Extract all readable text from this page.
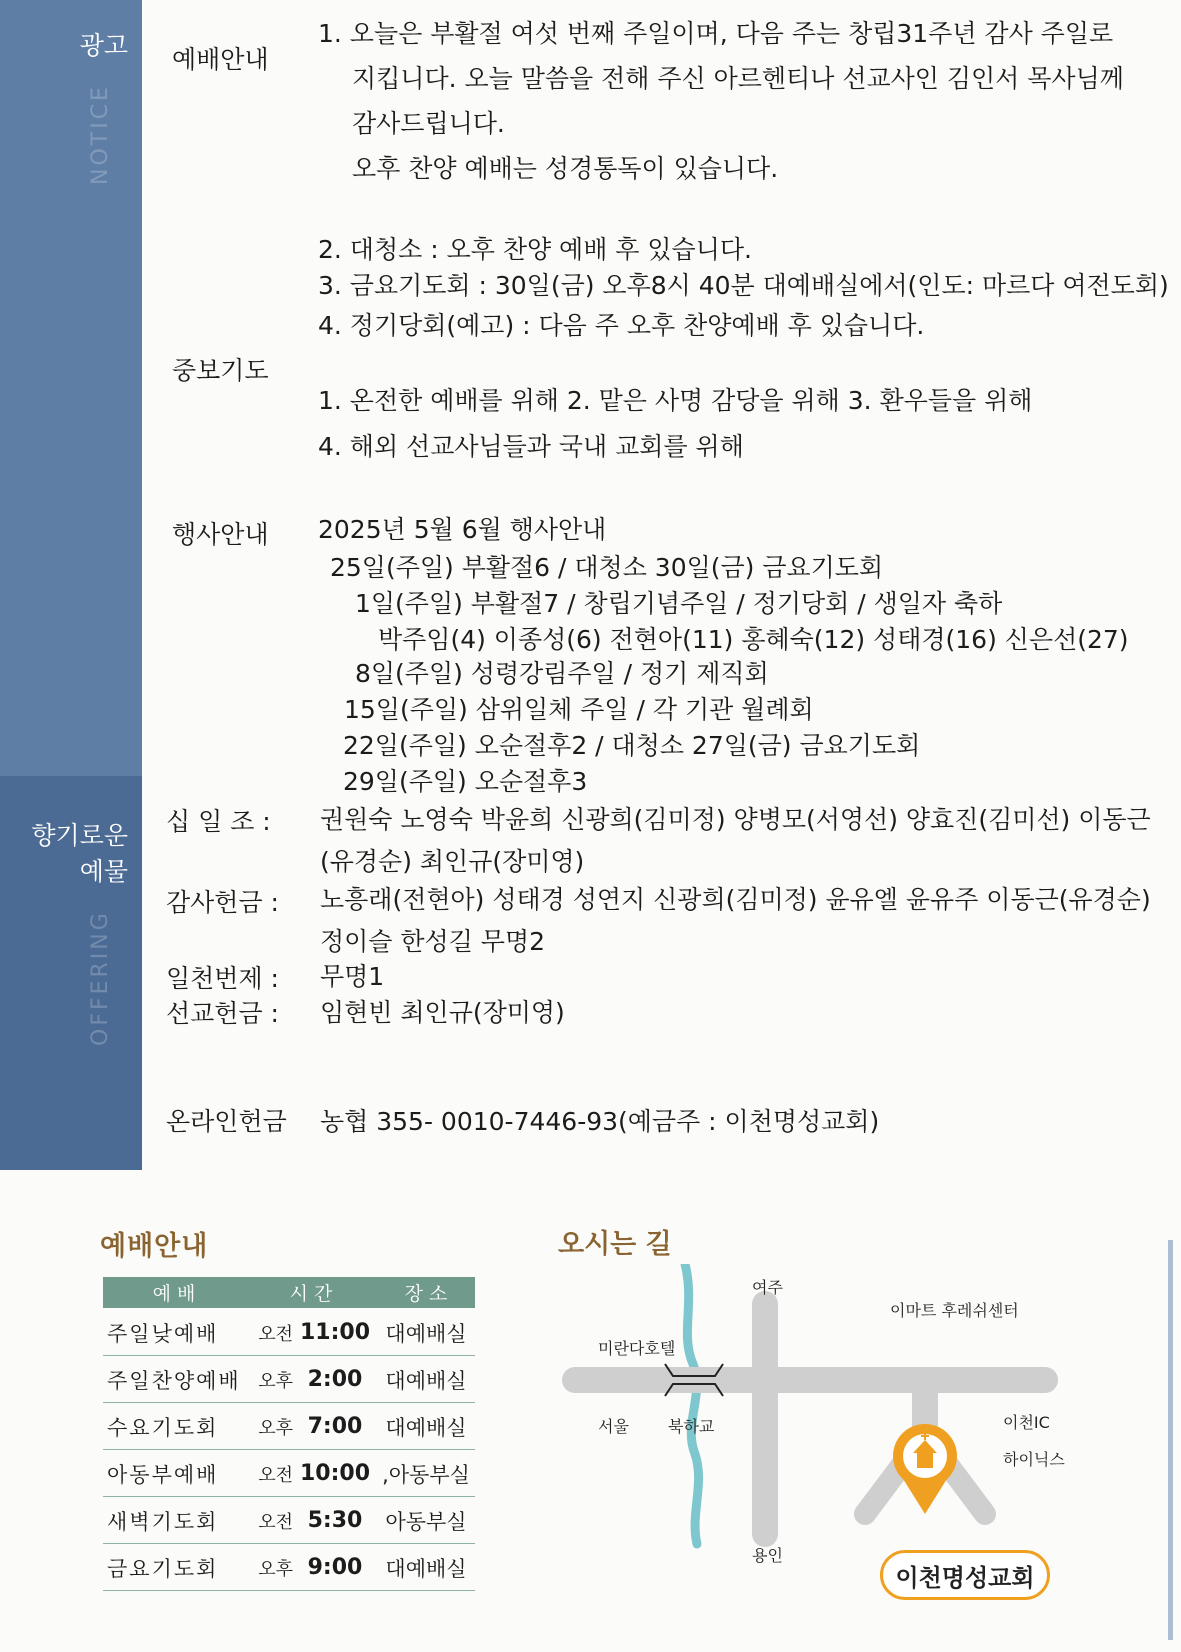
광고
NOTICE
향기로운
예물
OFFERING
예배안내
1. 오늘은 부활절 여섯 번째 주일이며, 다음 주는 창립31주년 감사 주일로
지킵니다. 오늘 말씀을 전해 주신 아르헨티나 선교사인 김인서 목사님께
감사드립니다.
오후 찬양 예배는 성경통독이 있습니다.
2. 대청소 : 오후 찬양 예배 후 있습니다.
3. 금요기도회 : 30일(금) 오후8시 40분 대예배실에서(인도: 마르다 여전도회)
4. 정기당회(예고) : 다음 주 오후 찬양예배 후 있습니다.
중보기도
1. 온전한 예배를 위해 2. 맡은 사명 감당을 위해 3. 환우들을 위해
4. 해외 선교사님들과 국내 교회를 위해
행사안내 2025년 5월 6월 행사안내
25일(주일) 부활절6 / 대청소 30일(금) 금요기도회
1일(주일) 부활절7 / 창립기념주일 / 정기당회 / 생일자 축하
박주임(4) 이종성(6) 전현아(11) 홍혜숙(12) 성태경(16) 신은선(27)
8일(주일) 성령강림주일 / 정기 제직회
15일(주일) 삼위일체 주일 / 각 기관 월례회
22일(주일) 오순절후2 / 대청소 27일(금) 금요기도회
29일(주일) 오순절후3
십 일 조 : 권원숙 노영숙 박윤희 신광희(김미정) 양병모(서영선) 양효진(김미선) 이동근
(유경순) 최인규(장미영)
감사헌금 : 노흥래(전현아) 성태경 성연지 신광희(김미정) 윤유엘 윤유주 이동근(유경순)
정이슬 한성길 무명2
일천번제 : 무명1
선교헌금 : 임현빈 최인규(장미영)
온라인헌금 농협 355- 0010-7446-93(예금주 : 이천명성교회)
예배안내
예 배	시 간	장 소
주일낮예배	오전 11:00 대예배실
주일찬양예배 오후 2:00	대예배실
수요기도회	오후 7:00	대예배실
아동부예배	오전 10:00 ,아동부실
새벽기도회	오전 5:30	아동부실
금요기도회	오후 9:00	대예배실
오시는 길
여주
이마트 후레쉬센터
미란다호텔
서울 북하교	이천IC
하이닉스
용인
이천명성교회
